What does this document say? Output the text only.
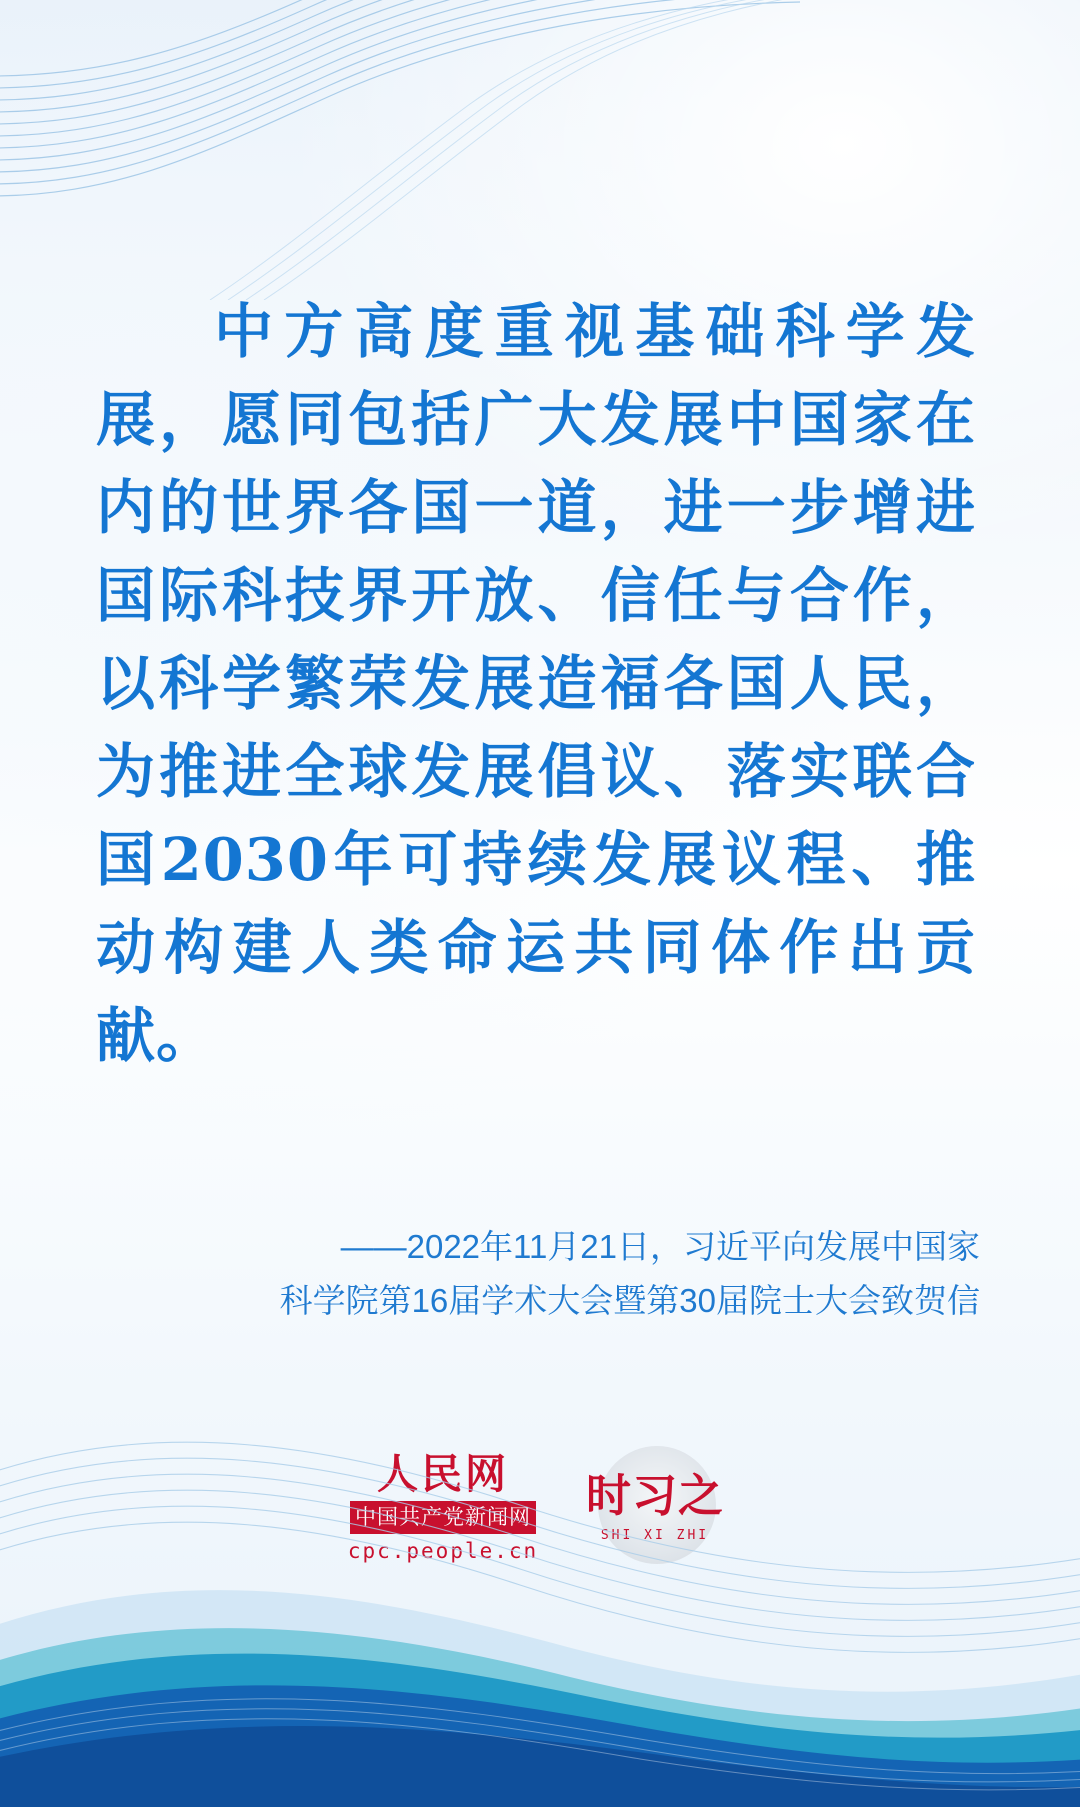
中方高度重视基础科学发展，愿同包括广大发展中国家在内的世界各国一道，进一步增进国际科技界开放、信任与合作，以科学繁荣发展造福各国人民，为推进全球发展倡议、落实联合国2030年可持续发展议程、推动构建人类命运共同体作出贡献。
——2022年11月21日，习近平向发展中国家
科学院第16届学术大会暨第30届院士大会致贺信
人民网
中国共产党新闻网
cpc.people.cn
时习之
SHI XI ZHI
